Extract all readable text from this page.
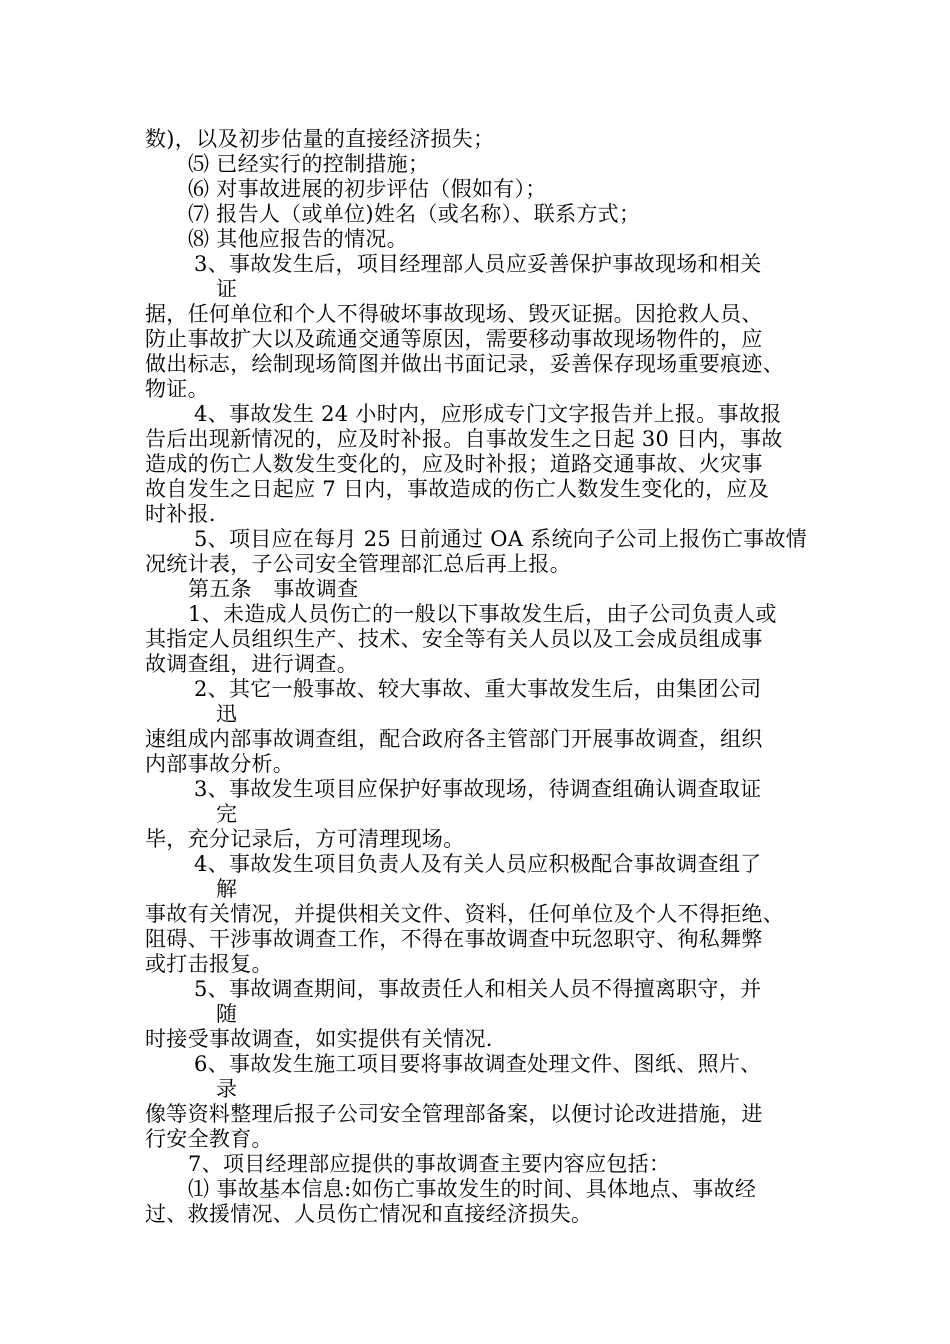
数)，以及初步估量的直接经济损失；
⑸ 已经实行的控制措施；
⑹ 对事故进展的初步评估（假如有）；
⑺ 报告人（或单位)姓名（或名称）、联系方式；
⑻ 其他应报告的情况。
3、事故发生后，项目经理部人员应妥善保护事故现场和相关
证
据，任何单位和个人不得破坏事故现场、毁灭证据。因抢救人员、
防止事故扩大以及疏通交通等原因，需要移动事故现场物件的，应
做出标志，绘制现场简图并做出书面记录，妥善保存现场重要痕迹、
物证。
4、事故发生 24 小时内，应形成专门文字报告并上报。事故报
告后出现新情况的，应及时补报。自事故发生之日起 30 日内，事故
造成的伤亡人数发生变化的，应及时补报；道路交通事故、火灾事
故自发生之日起应 7 日内，事故造成的伤亡人数发生变化的，应及
时补报.
5、项目应在每月 25 日前通过 OA 系统向子公司上报伤亡事故情
况统计表，子公司安全管理部汇总后再上报。
第五条　事故调查
1、未造成人员伤亡的一般以下事故发生后，由子公司负责人或
其指定人员组织生产、技术、安全等有关人员以及工会成员组成事
故调查组，进行调查。
2、其它一般事故、较大事故、重大事故发生后，由集团公司
迅
速组成内部事故调查组，配合政府各主管部门开展事故调查，组织
内部事故分析。
3、事故发生项目应保护好事故现场，待调查组确认调查取证
完
毕，充分记录后，方可清理现场。
4、事故发生项目负责人及有关人员应积极配合事故调查组了
解
事故有关情况，并提供相关文件、资料，任何单位及个人不得拒绝、
阻碍、干涉事故调查工作，不得在事故调查中玩忽职守、徇私舞弊
或打击报复。
5、事故调查期间，事故责任人和相关人员不得擅离职守，并
随
时接受事故调查，如实提供有关情况.
6、事故发生施工项目要将事故调查处理文件、图纸、照片、
录
像等资料整理后报子公司安全管理部备案，以便讨论改进措施，进
行安全教育。
7、项目经理部应提供的事故调查主要内容应包括：
⑴ 事故基本信息:如伤亡事故发生的时间、具体地点、事故经
过、救援情况、人员伤亡情况和直接经济损失。
